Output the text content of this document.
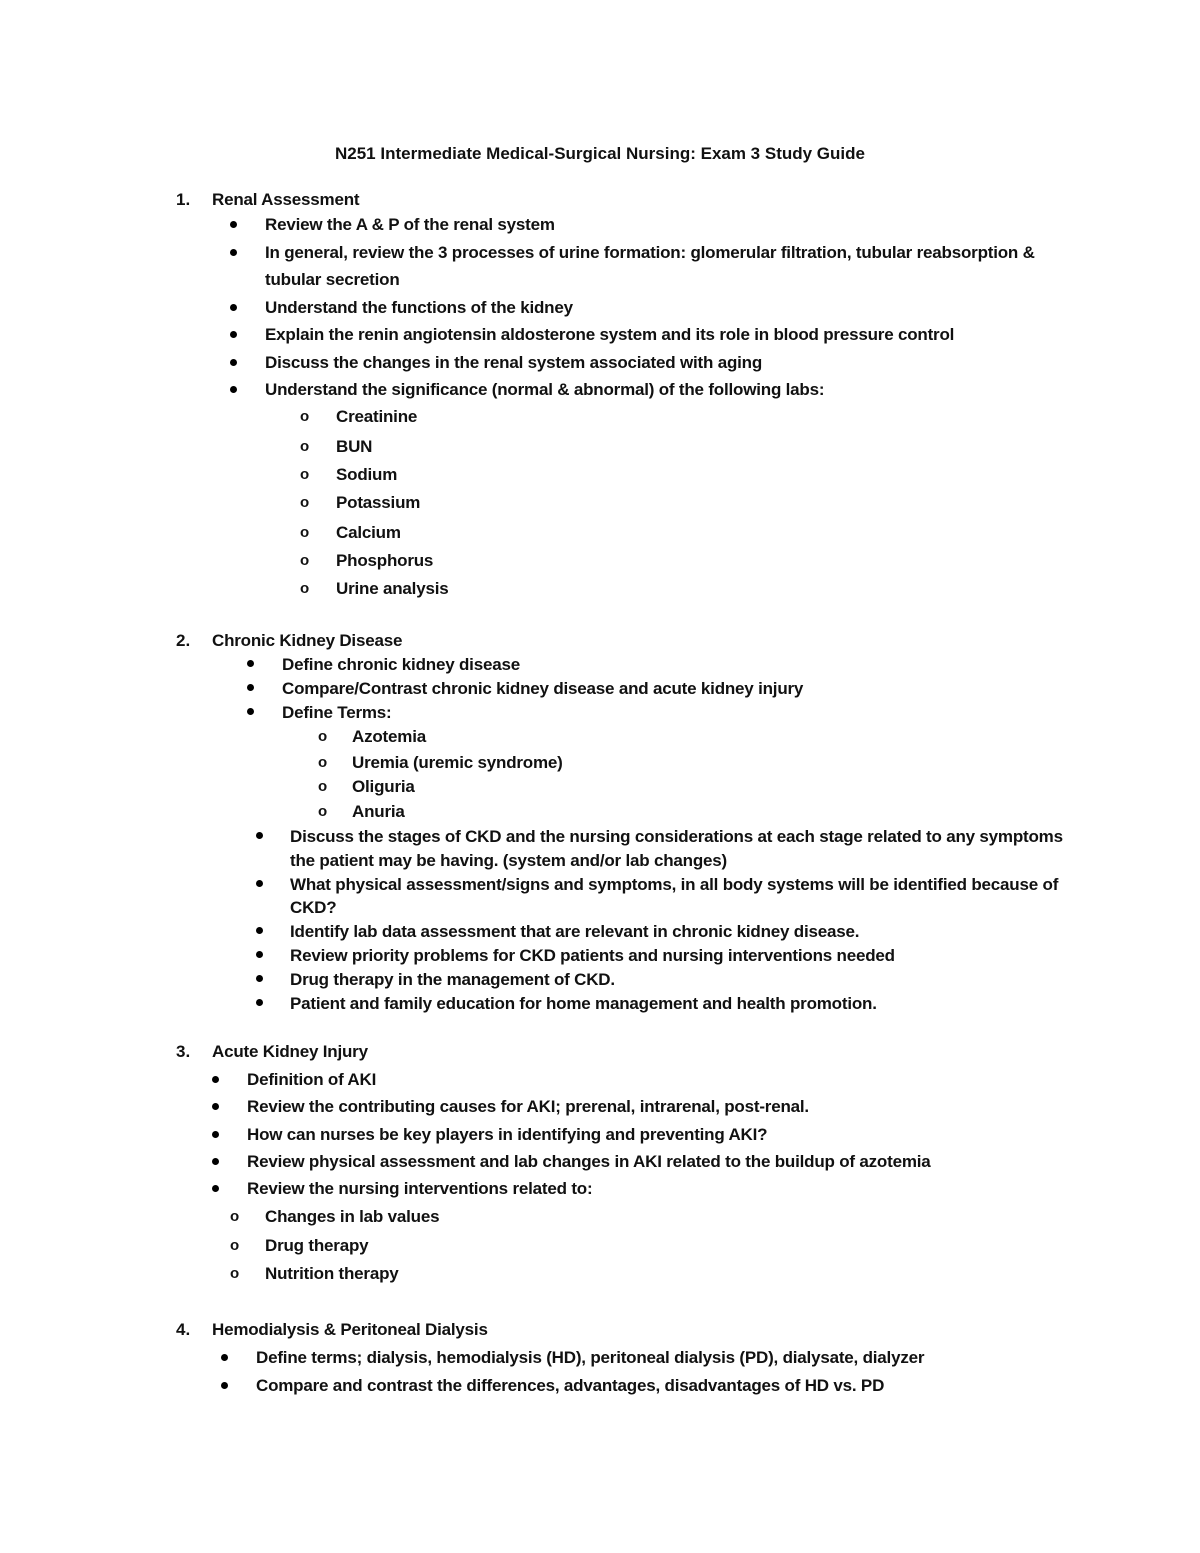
N251 Intermediate Medical-Surgical Nursing: Exam 3 Study Guide
1. Renal Assessment
Review the A & P of the renal system
In general, review the 3 processes of urine formation: glomerular filtration, tubular reabsorption &
tubular secretion
Understand the functions of the kidney
Explain the renin angiotensin aldosterone system and its role in blood pressure control
Discuss the changes in the renal system associated with aging
Understand the significance (normal & abnormal) of the following labs:
o Creatinine
o BUN
o Sodium
o Potassium
o Calcium
o Phosphorus
o Urine analysis
2. Chronic Kidney Disease
Define chronic kidney disease
Compare/Contrast chronic kidney disease and acute kidney injury
Define Terms:
o Azotemia
o Uremia (uremic syndrome)
o Oliguria
o Anuria
Discuss the stages of CKD and the nursing considerations at each stage related to any symptoms
the patient may be having. (system and/or lab changes)
What physical assessment/signs and symptoms, in all body systems will be identified because of
CKD?
Identify lab data assessment that are relevant in chronic kidney disease.
Review priority problems for CKD patients and nursing interventions needed
Drug therapy in the management of CKD.
Patient and family education for home management and health promotion.
3. Acute Kidney Injury
Definition of AKI
Review the contributing causes for AKI; prerenal, intrarenal, post-renal.
How can nurses be key players in identifying and preventing AKI?
Review physical assessment and lab changes in AKI related to the buildup of azotemia
Review the nursing interventions related to:
o Changes in lab values
o Drug therapy
o Nutrition therapy
4. Hemodialysis & Peritoneal Dialysis
Define terms; dialysis, hemodialysis (HD), peritoneal dialysis (PD), dialysate, dialyzer
Compare and contrast the differences, advantages, disadvantages of HD vs. PD
